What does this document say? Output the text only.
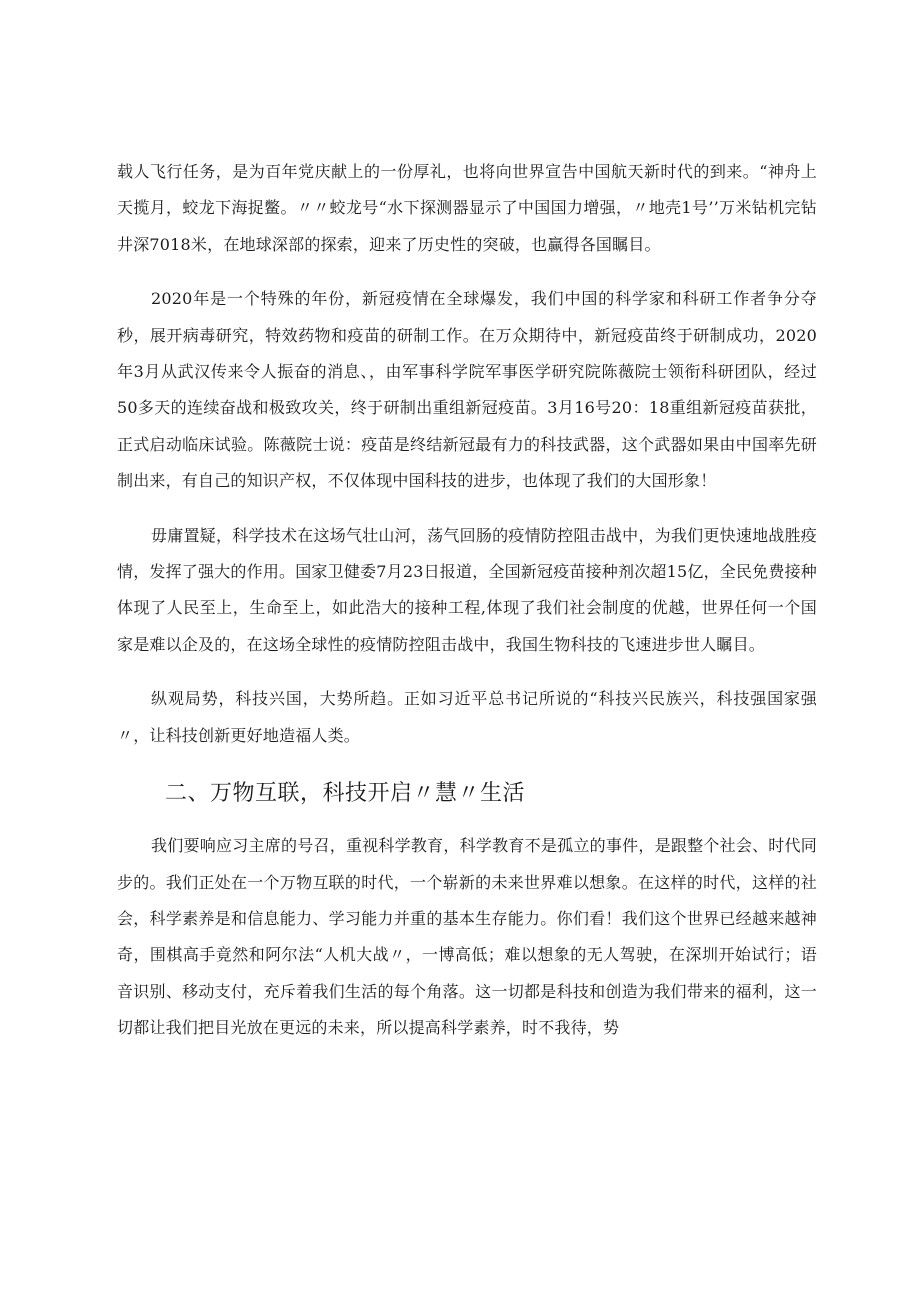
载人飞行任务，是为百年党庆献上的一份厚礼，也将向世界宣告中国航天新时代的到来。“神舟上天揽月，蛟龙下海捉鳖。〃〃蛟龙号“水下探测器显示了中国国力增强，〃地壳1号’’万米钻机完钻井深7018米，在地球深部的探索，迎来了历史性的突破，也赢得各国瞩目。

2020年是一个特殊的年份，新冠疫情在全球爆发，我们中国的科学家和科研工作者争分夺秒，展开病毒研究，特效药物和疫苗的研制工作。在万众期待中，新冠疫苗终于研制成功，2020年3月从武汉传来令人振奋的消息、，由军事科学院军事医学研究院陈薇院士领衔科研团队，经过50多天的连续奋战和极致攻关，终于研制出重组新冠疫苗。3月16号20：18重组新冠疫苗获批，正式启动临床试验。陈薇院士说：疫苗是终结新冠最有力的科技武器，这个武器如果由中国率先研制出来，有自己的知识产权，不仅体现中国科技的进步，也体现了我们的大国形象！

毋庸置疑，科学技术在这场气壮山河，荡气回肠的疫情防控阻击战中，为我们更快速地战胜疫情，发挥了强大的作用。国家卫健委7月23日报道，全国新冠疫苗接种剂次超15亿，全民免费接种体现了人民至上，生命至上，如此浩大的接种工程,体现了我们社会制度的优越，世界任何一个国家是难以企及的，在这场全球性的疫情防控阻击战中，我国生物科技的飞速进步世人瞩目。

纵观局势，科技兴国，大势所趋。正如习近平总书记所说的“科技兴民族兴，科技强国家强〃，让科技创新更好地造福人类。

二、万物互联，科技开启〃慧〃生活

我们要响应习主席的号召，重视科学教育，科学教育不是孤立的事件，是跟整个社会、时代同步的。我们正处在一个万物互联的时代，一个崭新的未来世界难以想象。在这样的时代，这样的社会，科学素养是和信息能力、学习能力并重的基本生存能力。你们看！我们这个世界已经越来越神奇，围棋高手竟然和阿尔法“人机大战〃，一博高低；难以想象的无人驾驶，在深圳开始试行；语音识别、移动支付，充斥着我们生活的每个角落。这一切都是科技和创造为我们带来的福利，这一切都让我们把目光放在更远的未来，所以提高科学素养，时不我待，势
